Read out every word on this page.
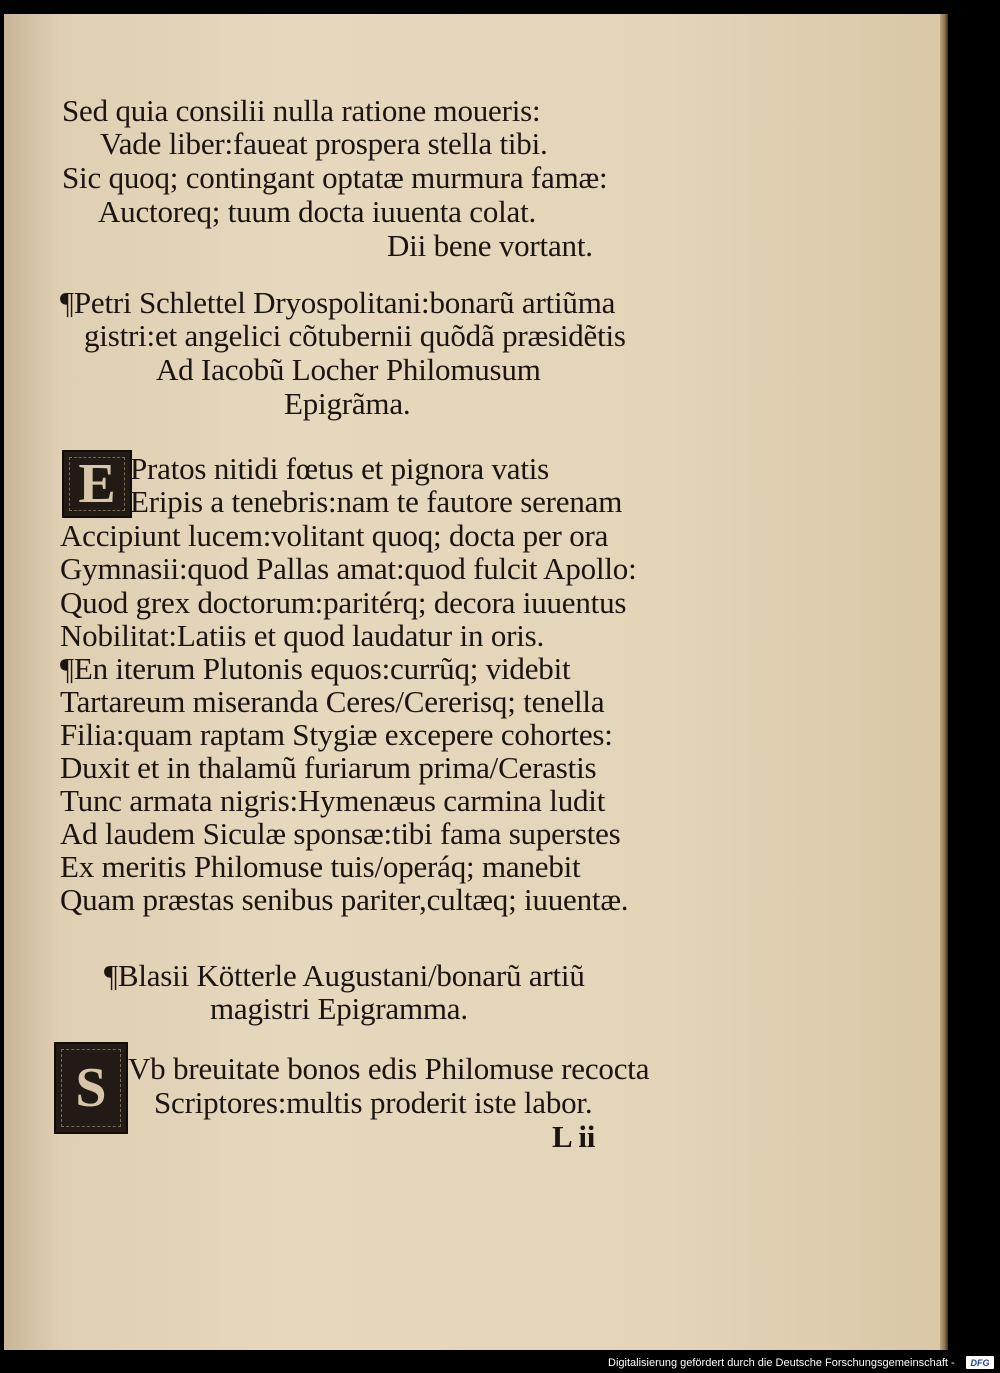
Sed quia consilii nulla ratione moueris:
Vade liber:faueat prospera stella tibi.
Sic quoq; contingant optatæ murmura famæ:
Auctoreq; tuum docta iuuenta colat.
Dii bene vortant.
¶Petri Schlettel Dryospolitani:bonarũ artiũma
gistri:et angelici cõtubernii quõdã præsidẽtis
Ad Iacobũ Locher Philomusum
Epigrãma.
E Pratos nitidi fœtus et pignora vatis
Eripis a tenebris:nam te fautore serenam
Accipiunt lucem:volitant quoq; docta per ora
Gymnasii:quod Pallas amat:quod fulcit Apollo:
Quod grex doctorum:paritérq; decora iuuentus
Nobilitat:Latiis et quod laudatur in oris.
¶En iterum Plutonis equos:currũq; videbit
Tartareum miseranda Ceres/Cererisq; tenella
Filia:quam raptam Stygiæ excepere cohortes:
Duxit et in thalamũ furiarum prima/Cerastis
Tunc armata nigris:Hymenæus carmina ludit
Ad laudem Siculæ sponsæ:tibi fama superstes
Ex meritis Philomuse tuis/operáq; manebit
Quam præstas senibus pariter,cultæq; iuuentæ.
¶Blasii Kötterle Augustani/bonarũ artiũ
magistri Epigramma.
S Vb breuitate bonos edis Philomuse recocta
Scriptores:multis proderit iste labor.
L ii
Digitalisierung gefördert durch die Deutsche Forschungsgemeinschaft -	DFG
